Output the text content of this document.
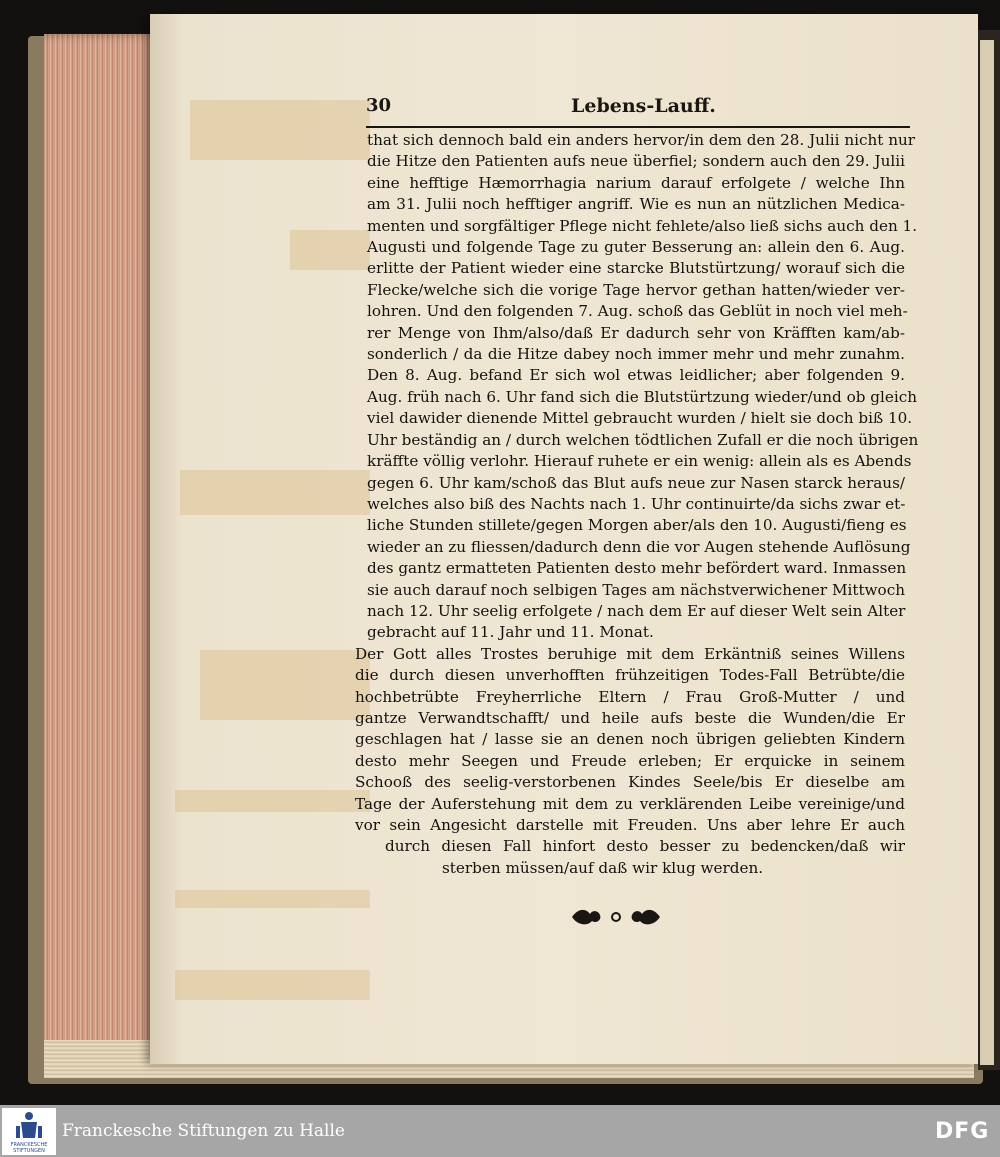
30	Lebens-Lauff.
that sich dennoch bald ein anders hervor/in dem den 28. Julii nicht nur
die Hitze den Patienten aufs neue überfiel; sondern auch den 29. Julii
eine hefftige Hæmorrhagia narium darauf erfolgete / welche Ihn
am 31. Julii noch hefftiger angriff. Wie es nun an nützlichen Medica-
menten und sorgfältiger Pflege nicht fehlete/also ließ sichs auch den 1.
Augusti und folgende Tage zu guter Besserung an: allein den 6. Aug.
erlitte der Patient wieder eine starcke Blutstürtzung/ worauf sich die
Flecke/welche sich die vorige Tage hervor gethan hatten/wieder ver-
lohren. Und den folgenden 7. Aug. schoß das Geblüt in noch viel meh-
rer Menge von Ihm/also/daß Er dadurch sehr von Kräfften kam/ab-
sonderlich / da die Hitze dabey noch immer mehr und mehr zunahm.
Den 8. Aug. befand Er sich wol etwas leidlicher; aber folgenden 9.
Aug. früh nach 6. Uhr fand sich die Blutstürtzung wieder/und ob gleich
viel dawider dienende Mittel gebraucht wurden / hielt sie doch biß 10.
Uhr beständig an / durch welchen tödtlichen Zufall er die noch übrigen
kräffte völlig verlohr. Hierauf ruhete er ein wenig: allein als es Abends
gegen 6. Uhr kam/schoß das Blut aufs neue zur Nasen starck heraus/
welches also biß des Nachts nach 1. Uhr continuirte/da sichs zwar et-
liche Stunden stillete/gegen Morgen aber/als den 10. Augusti/fieng es
wieder an zu fliessen/dadurch denn die vor Augen stehende Auflösung
des gantz ermatteten Patienten desto mehr befördert ward. Inmassen
sie auch darauf noch selbigen Tages am nächstverwichener Mittwoch
nach 12. Uhr seelig erfolgete / nach dem Er auf dieser Welt sein Alter
gebracht auf 11. Jahr und 11. Monat.
Der Gott alles Trostes beruhige mit dem Erkäntniß seines Willens
die durch diesen unverhofften frühzeitigen Todes-Fall Betrübte/die
hochbetrübte Freyherrliche Eltern / Frau Groß-Mutter / und
gantze Verwandtschafft/ und heile aufs beste die Wunden/die Er
geschlagen hat / lasse sie an denen noch übrigen geliebten Kindern
desto mehr Seegen und Freude erleben; Er erquicke in seinem
Schooß des seelig-verstorbenen Kindes Seele/bis Er dieselbe am
Tage der Auferstehung mit dem zu verklärenden Leibe vereinige/und
vor sein Angesicht darstelle mit Freuden. Uns aber lehre Er auch
durch diesen Fall hinfort desto besser zu bedencken/daß wir
sterben müssen/auf daß wir klug werden.
FRANCKESCHE STIFTUNGEN
Franckesche Stiftungen zu Halle	DFG
